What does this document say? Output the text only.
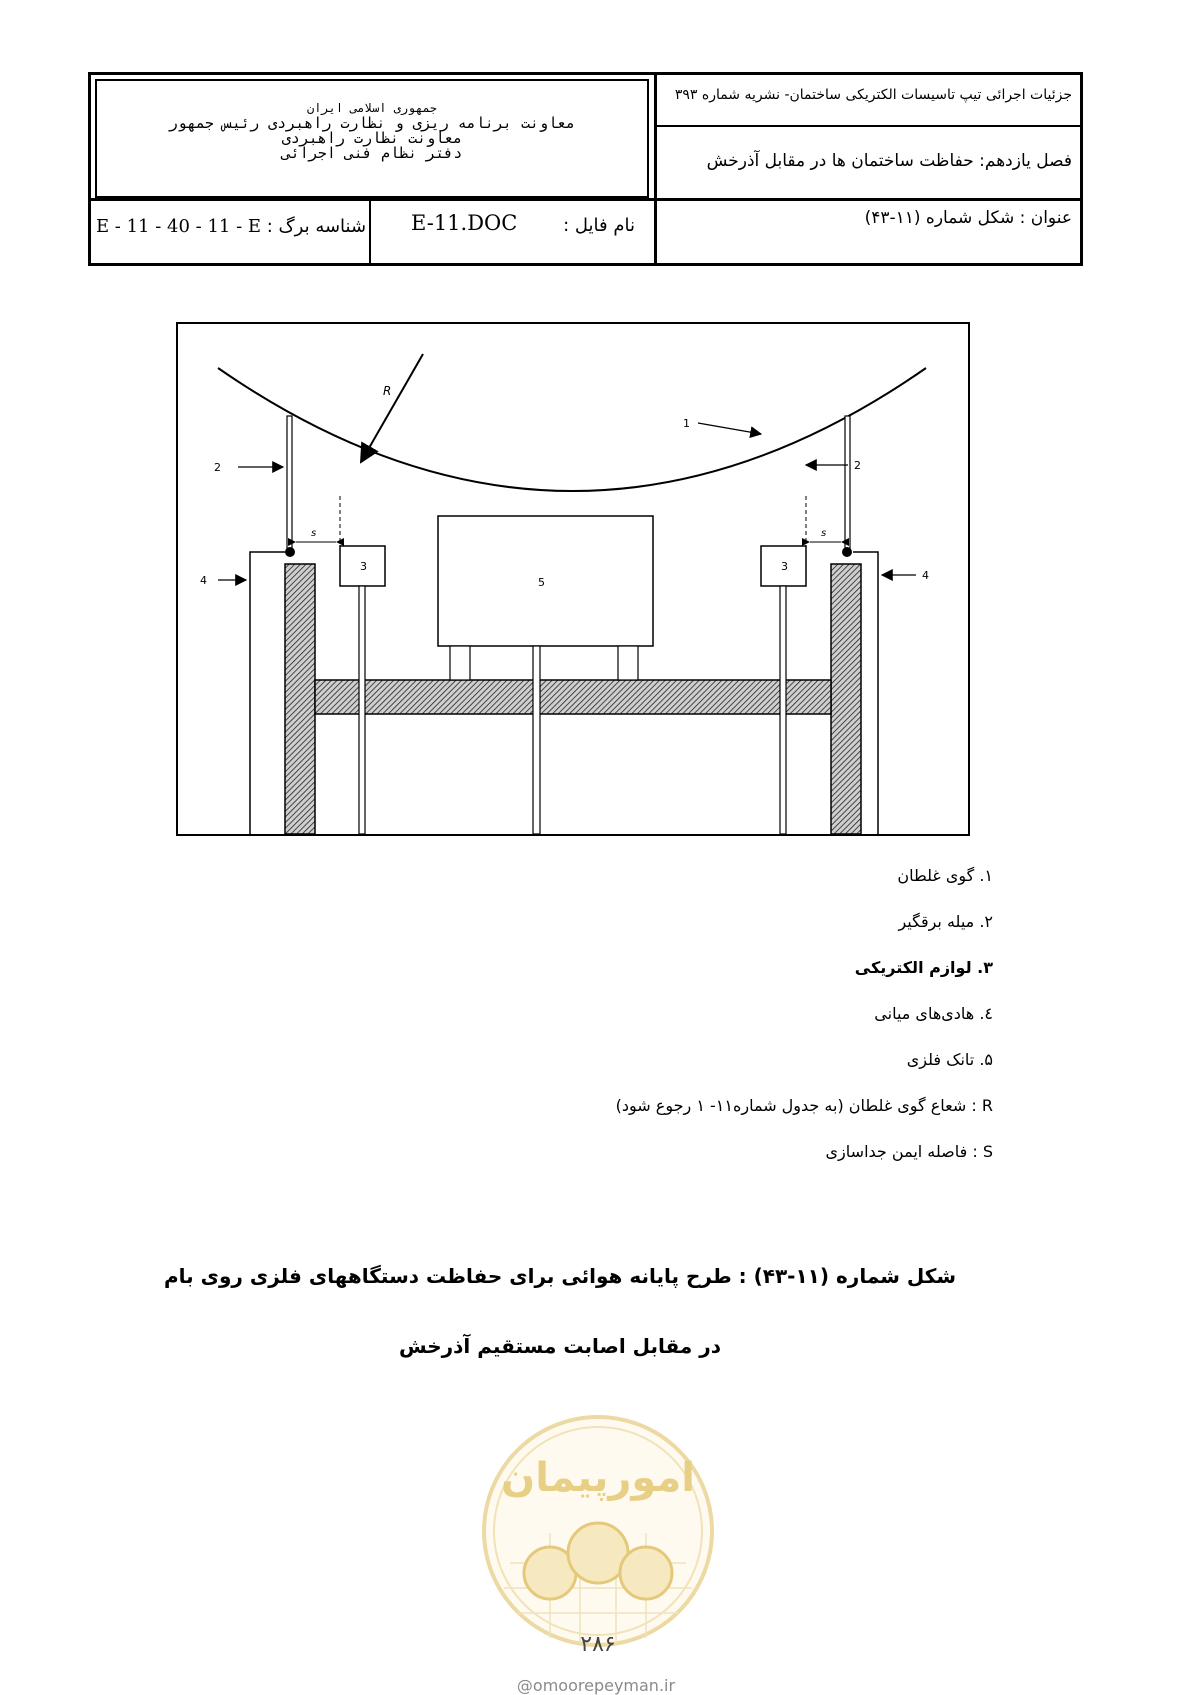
جمهوری اسلامی ایران
معاونت برنامه ریزی و نظارت راهبردی رئیس جمهور
معاونت نظارت راهبردی
دفتر نظام فنی اجرائی
جزئیات اجرائی تیپ تاسیسات الکتریکی ساختمان- نشریه شماره ۳۹۳
فصل یازدهم: حفاظت ساختمان ها در مقابل آذرخش
عنوان : شکل شماره (۱۱-۴۳)
نام فایل :
E-11.DOC
شناسه برگ : E - 11 - 40 - 11 - E
R
3	3
s	s
5
1
2	2
4	4
۱. گوی غلطان
۲. میله برقگیر
۳. لوازم الکتریکی
٤. هادی‌های میانی
۵. تانک فلزی
R : شعاع گوی غلطان (به جدول شماره۱۱- ۱ رجوع شود)
S : فاصله ایمن جداسازی
شکل شماره (۱۱-۴۳) : طرح پایانه هوائی برای حفاظت دستگاههای فلزی روی بام
در مقابل اصابت مستقیم آذرخش
امورپیمان
۲۸۶
@omoorepeyman.ir
